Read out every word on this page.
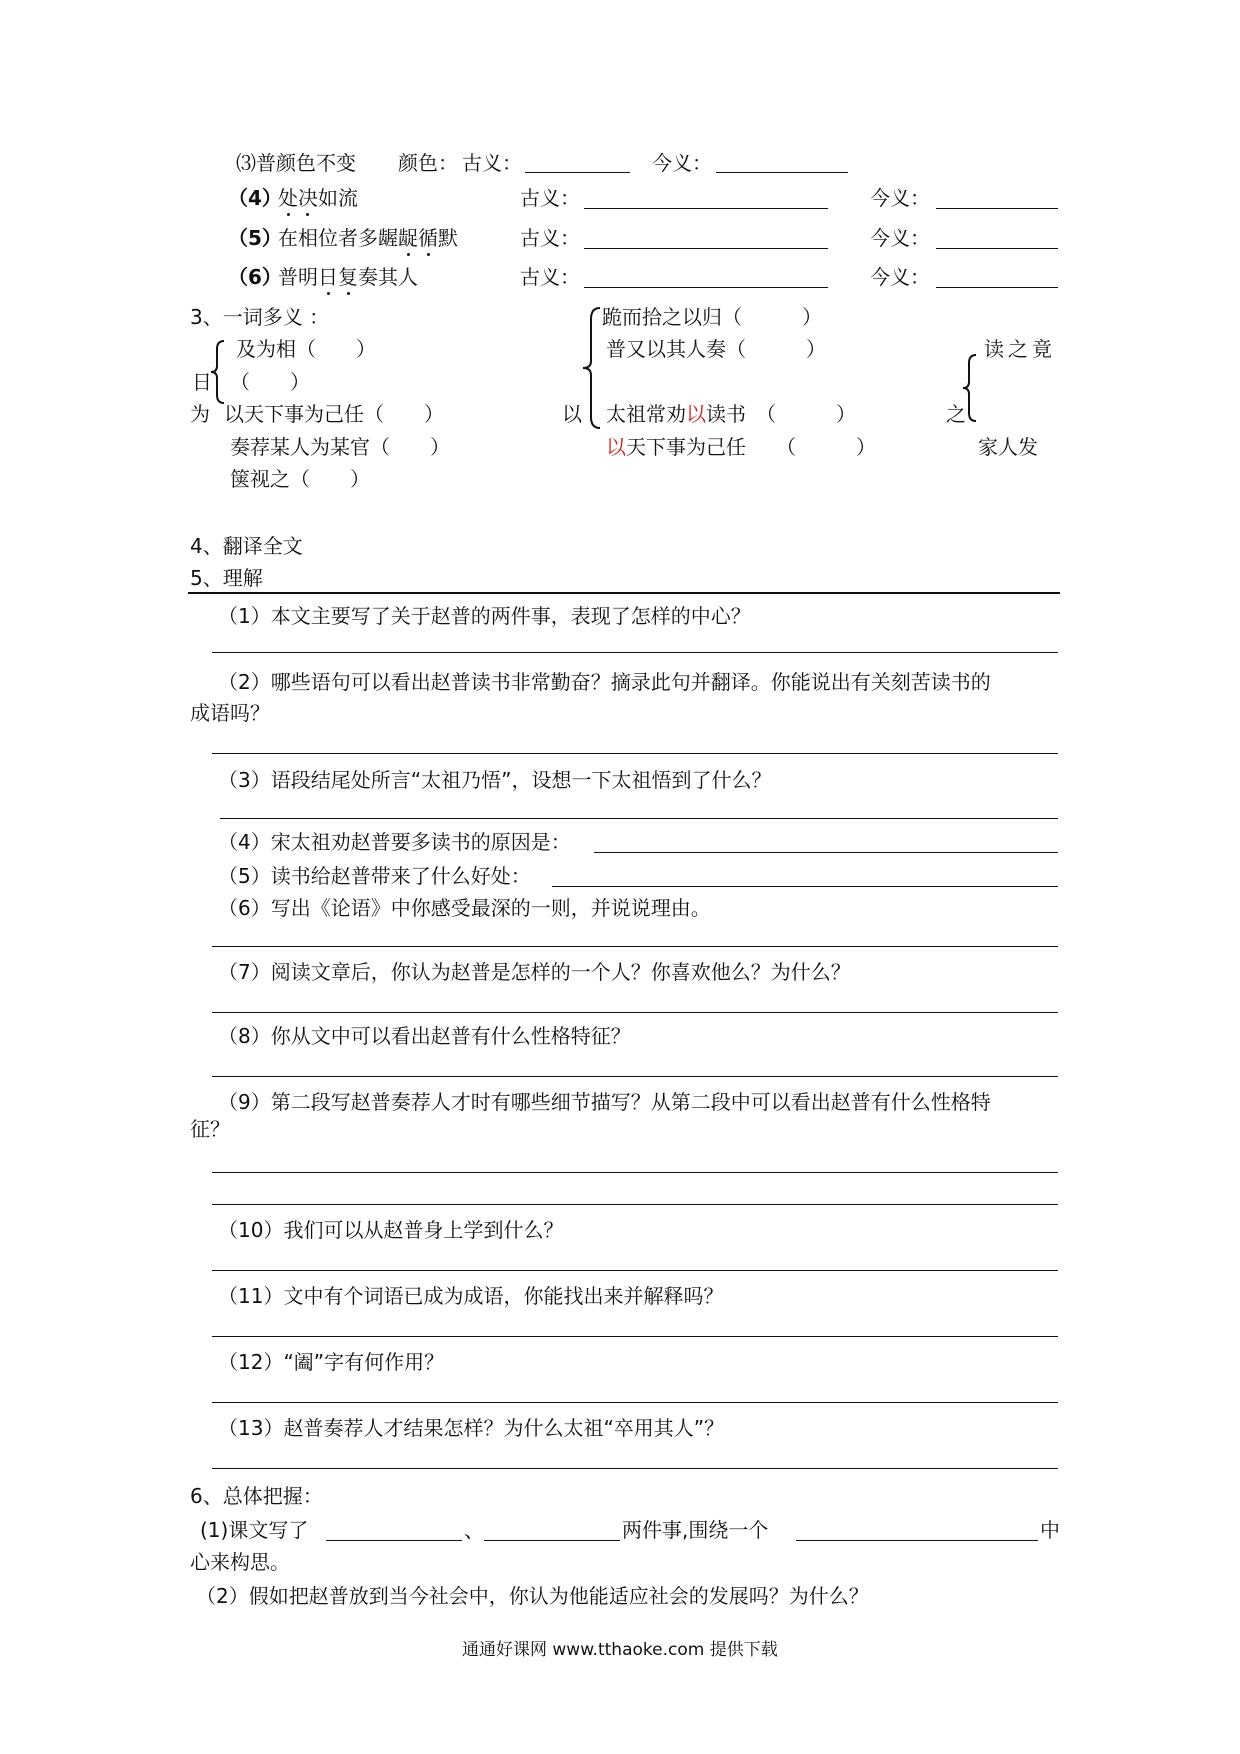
⑶普颜色不变 颜色： 古义：	今义：
（4）
处决如流	古义：	今义：
（5）
在相位者多龌龊循默	古义：	今义：
（6）
普明日复奏其人	古义：	今义：
3、一词多义 ：
及为相（　　）
日 （　　）
为 以天下事为己任（　　）
奏荐某人为某官（　　）
箧视之（　　）
跪而拾之以归（　　　）
普又以其人奏（　　　）
以 太祖常劝以读书　（　　　）
以天下事为己任　　（　　　）
读之竟
之
家人发
4、翻译全文
5、理解
（1）本文主要写了关于赵普的两件事，表现了怎样的中心？
（2）哪些语句可以看出赵普读书非常勤奋？摘录此句并翻译。你能说出有关刻苦读书的
成语吗？
（3）语段结尾处所言“太祖乃悟”，设想一下太祖悟到了什么？
（4）宋太祖劝赵普要多读书的原因是：
（5）读书给赵普带来了什么好处：
（6）写出《论语》中你感受最深的一则，并说说理由。
（7）阅读文章后，你认为赵普是怎样的一个人？你喜欢他么？为什么？
（8）你从文中可以看出赵普有什么性格特征？
（9）第二段写赵普奏荐人才时有哪些细节描写？从第二段中可以看出赵普有什么性格特
征？
（10）我们可以从赵普身上学到什么？
（11）文中有个词语已成为成语，你能找出来并解释吗？
（12）“阖”字有何作用？
（13）赵普奏荐人才结果怎样？为什么太祖“卒用其人”？
6、总体把握：
(1)课文写了	、	两件事,围绕一个	中
心来构思。
（2）假如把赵普放到当今社会中，你认为他能适应社会的发展吗？为什么？
通通好课网 www.tthaoke.com 提供下载
